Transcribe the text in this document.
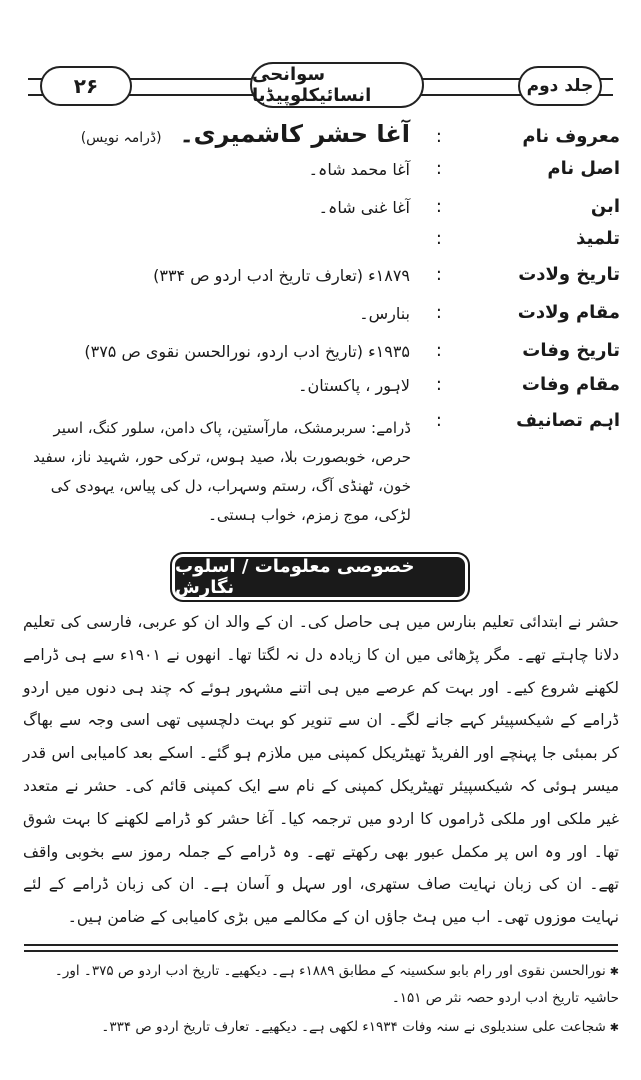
۲۶	سوانحی انسائیکلوپیڈیا	جلد دوم
معروف نام
:
آغا حشر کاشمیری۔(ڈرامہ نویس)
اصل نام
:
آغا محمد شاہ۔
ابن
:
آغا غنی شاہ۔
تلمیذ
:
تاریخ ولادت
:
۱۸۷۹ء (تعارف تاریخ ادب اردو ص ۳۳۴)
مقام ولادت
:
بنارس۔
تاریخ وفات
:
۱۹۳۵ء (تاریخ ادب اردو، نورالحسن نقوی ص ۳۷۵)
مقام وفات
:
لاہور ، پاکستان۔
اہم تصانیف
:
ڈرامے: سربرمشک، مارآستین، پاک دامن، سلور کنگ، اسیر حرص، خوبصورت بلا، صید ہوس، ترکی حور، شہید ناز، سفید خون، ٹھنڈی آگ، رستم وسہراب، دل کی پیاس، یہودی کی لڑکی، موج زمزم، خواب ہستی۔
خصوصی معلومات / اسلوب نگارش
حشر نے ابتدائی تعلیم بنارس میں ہی حاصل کی۔ ان کے والد ان کو عربی، فارسی کی تعلیم دلانا چاہتے تھے۔ مگر پڑھائی میں ان کا زیادہ دل نہ لگتا تھا۔ انھوں نے ۱۹۰۱ء سے ہی ڈرامے لکھنے شروع کیے۔ اور بہت کم عرصے میں ہی اتنے مشہور ہوئے کہ چند ہی دنوں میں اردو ڈرامے کے شیکسپیئر کہے جانے لگے۔ ان سے تنویر کو بہت دلچسپی تھی اسی وجہ سے بھاگ کر بمبئی جا پہنچے اور الفریڈ تھیٹریکل کمپنی میں ملازم ہو گئے۔ اسکے بعد کامیابی اس قدر میسر ہوئی کہ شیکسپیئر تھیٹریکل کمپنی کے نام سے ایک کمپنی قائم کی۔ حشر نے متعدد غیر ملکی اور ملکی ڈراموں کا اردو میں ترجمہ کیا۔ آغا حشر کو ڈرامے لکھنے کا بہت شوق تھا۔ اور وہ اس پر مکمل عبور بھی رکھتے تھے۔ وہ ڈرامے کے جملہ رموز سے بخوبی واقف تھے۔ ان کی زبان نہایت صاف ستھری، اور سہل و آسان ہے۔ ان کی زبان ڈرامے کے لئے نہایت موزوں تھی۔ اب میں ہٹ جاؤں ان کے مکالمے میں بڑی کامیابی کے ضامن ہیں۔
✱نورالحسن نقوی اور رام بابو سکسینہ کے مطابق ۱۸۸۹ء ہے۔ دیکھیے۔ تاریخ ادب اردو ص ۳۷۵۔ اور۔ حاشیہ تاریخ ادب اردو حصہ نثر ص ۱۵۱۔
✱شجاعت علی سندیلوی نے سنہ وفات ۱۹۳۴ء لکھی ہے۔ دیکھیے۔ تعارف تاریخ اردو ص ۳۳۴۔
